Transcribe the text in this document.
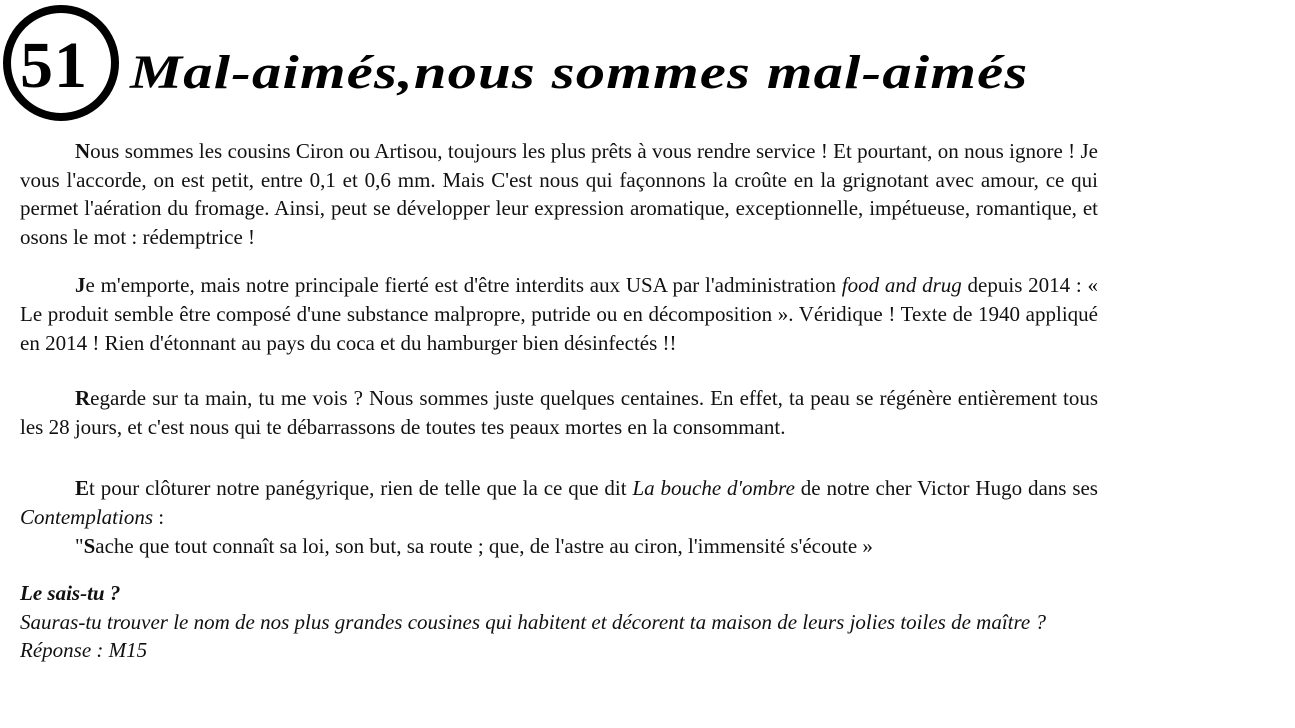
51 Mal-aimés,nous sommes mal-aimés

Nous sommes les cousins Ciron ou Artisou, toujours les plus prêts à vous rendre service ! Et pourtant, on nous ignore ! Je vous l'accorde, on est petit, entre 0,1 et 0,6 mm. Mais C'est nous qui façonnons la croûte en la grignotant avec amour, ce qui permet l'aération du fromage. Ainsi, peut se développer leur expression aromatique, exceptionnelle, impétueuse, romantique, et osons le mot : rédemptrice !

Je m'emporte, mais notre principale fierté est d'être interdits aux USA par l'administration food and drug depuis 2014 : « Le produit semble être composé d'une substance malpropre, putride ou en décomposition ». Véridique ! Texte de 1940 appliqué en 2014 ! Rien d'étonnant au pays du coca et du hamburger bien désinfectés !!

Regarde sur ta main, tu me vois ? Nous sommes juste quelques centaines. En effet, ta peau se régénère entièrement tous les 28 jours, et c'est nous qui te débarrassons de toutes tes peaux mortes en la consommant.

Et pour clôturer notre panégyrique, rien de telle que la ce que dit La bouche d'ombre de notre cher Victor Hugo dans ses Contemplations :

"Sache que tout connaît sa loi, son but, sa route ; que, de l'astre au ciron, l'immensité s'écoute »

Le sais-tu ?

Sauras-tu trouver le nom de nos plus grandes cousines qui habitent et décorent ta maison de leurs jolies toiles de maître ?

Réponse : M15
